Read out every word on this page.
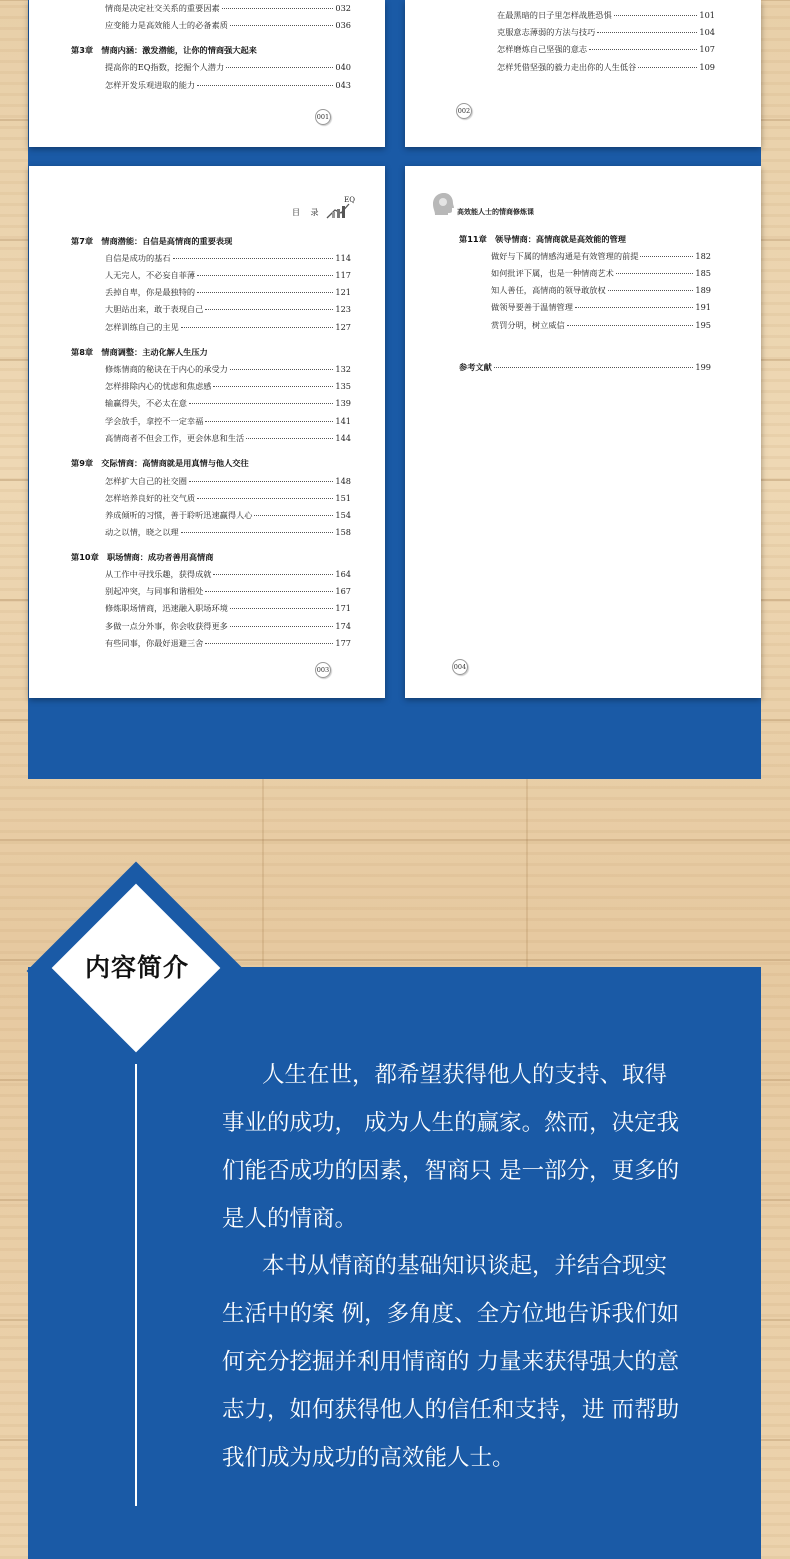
情商是决定社交关系的重要因素	032
应变能力是高效能人士的必备素质	036
第3章　情商内涵：激发潜能，让你的情商强大起来
提高你的EQ指数，挖掘个人潜力	040
怎样开发乐观进取的能力	043
001
在最黑暗的日子里怎样战胜恐惧	101
克服意志薄弱的方法与技巧	104
怎样磨炼自己坚强的意志	107
怎样凭借坚强的毅力走出你的人生低谷	109
002
目 录
EQ
第7章　情商潜能：自信是高情商的重要表现
自信是成功的基石	114
人无完人，不必妄自菲薄	117
丢掉自卑，你是最独特的	121
大胆站出来，敢于表现自己	123
怎样训练自己的主见	127
第8章　情商调整：主动化解人生压力
修炼情商的秘诀在于内心的承受力	132
怎样排除内心的忧虑和焦虑感	135
输赢得失，不必太在意	139
学会放手，拿控不一定幸福	141
高情商者不但会工作，更会休息和生活	144
第9章　交际情商：高情商就是用真情与他人交往
怎样扩大自己的社交圈	148
怎样培养良好的社交气质	151
养成倾听的习惯，善于聆听迅速赢得人心	154
动之以情，晓之以理	158
第10章　职场情商：成功者善用高情商
从工作中寻找乐趣，获得成就	164
别起冲突，与同事和谐相处	167
修炼职场情商，迅速融入职场环境	171
多做一点分外事，你会收获得更多	174
有些同事，你最好退避三舍	177
003
高效能人士的情商修炼课
第11章　领导情商：高情商就是高效能的管理
做好与下属的情感沟通是有效管理的前提	182
如何批评下属，也是一种情商艺术	185
知人善任，高情商的领导敢放权	189
做领导要善于温情管理	191
赏罚分明，树立威信	195
参考文献	199
004
内容简介

人生在世，都希望获得他人的支持、取得事业的成功， 成为人生的赢家。然而，决定我们能否成功的因素，智商只 是一部分，更多的是人的情商。

本书从情商的基础知识谈起，并结合现实生活中的案 例，多角度、全方位地告诉我们如何充分挖掘并利用情商的 力量来获得强大的意志力，如何获得他人的信任和支持，进 而帮助我们成为成功的高效能人士。
